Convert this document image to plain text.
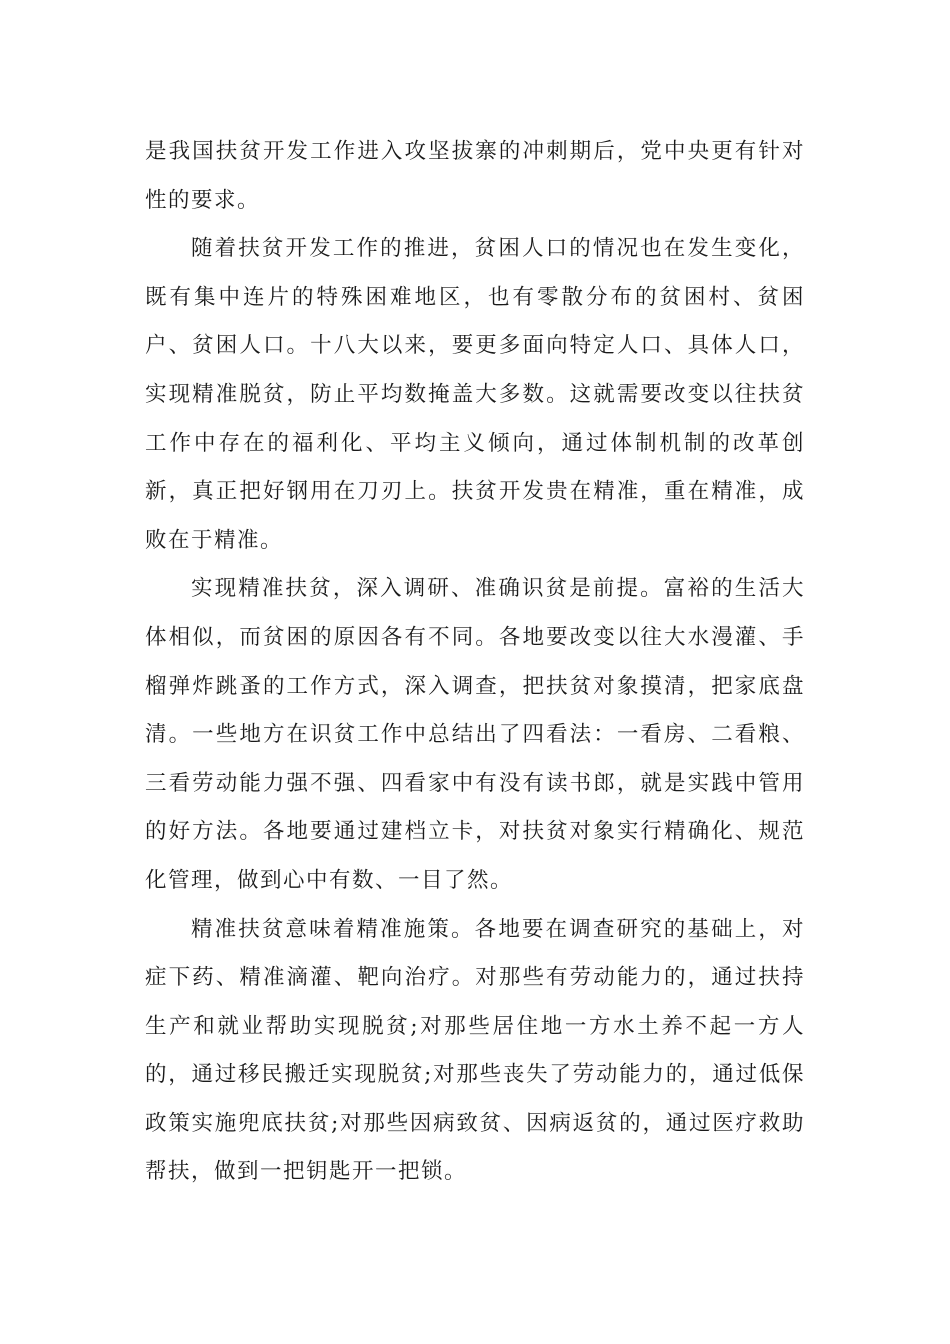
是我国扶贫开发工作进入攻坚拔寨的冲刺期后，党中央更有针对性的要求。

随着扶贫开发工作的推进，贫困人口的情况也在发生变化，既有集中连片的特殊困难地区，也有零散分布的贫困村、贫困户、贫困人口。十八大以来，要更多面向特定人口、具体人口，实现精准脱贫，防止平均数掩盖大多数。这就需要改变以往扶贫工作中存在的福利化、平均主义倾向，通过体制机制的改革创新，真正把好钢用在刀刃上。扶贫开发贵在精准，重在精准，成败在于精准。

实现精准扶贫，深入调研、准确识贫是前提。富裕的生活大体相似，而贫困的原因各有不同。各地要改变以往大水漫灌、手榴弹炸跳蚤的工作方式，深入调查，把扶贫对象摸清，把家底盘清。一些地方在识贫工作中总结出了四看法：一看房、二看粮、三看劳动能力强不强、四看家中有没有读书郎，就是实践中管用的好方法。各地要通过建档立卡，对扶贫对象实行精确化、规范化管理，做到心中有数、一目了然。

精准扶贫意味着精准施策。各地要在调查研究的基础上，对症下药、精准滴灌、靶向治疗。对那些有劳动能力的，通过扶持生产和就业帮助实现脱贫;对那些居住地一方水土养不起一方人的，通过移民搬迁实现脱贫;对那些丧失了劳动能力的，通过低保政策实施兜底扶贫;对那些因病致贫、因病返贫的，通过医疗救助帮扶，做到一把钥匙开一把锁。
